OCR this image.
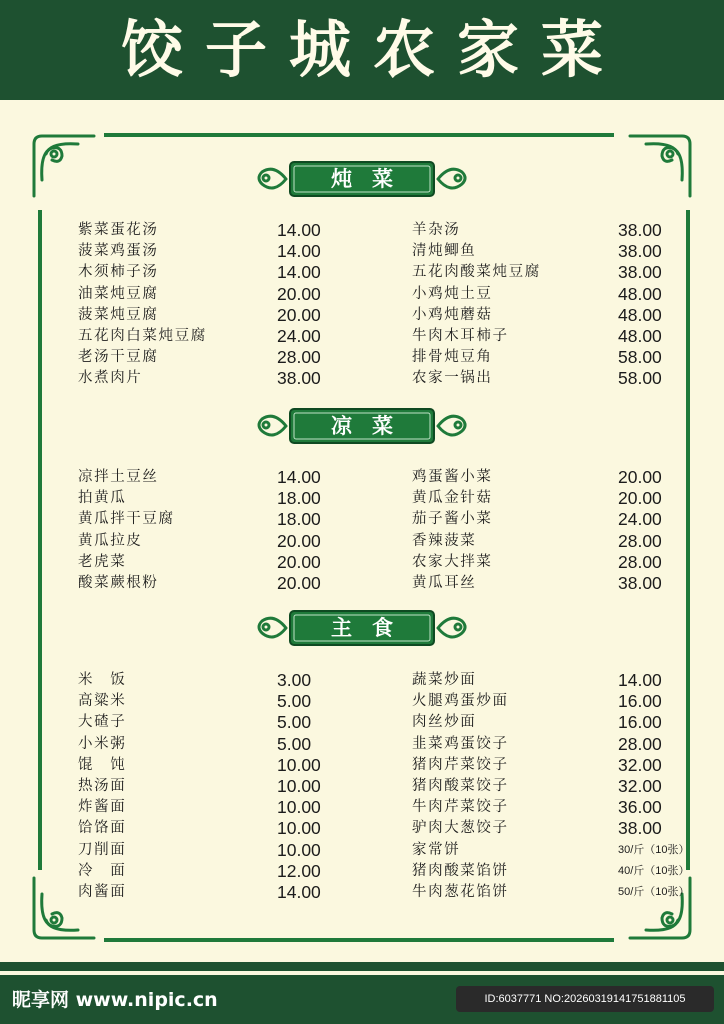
饺子城农家菜
炖菜
紫菜蛋花汤	14.00
菠菜鸡蛋汤	14.00
木须柿子汤	14.00
油菜炖豆腐	20.00
菠菜炖豆腐	20.00
五花肉白菜炖豆腐	24.00
老汤干豆腐	28.00
水煮肉片	38.00
羊杂汤	38.00
清炖鲫鱼	38.00
五花肉酸菜炖豆腐	38.00
小鸡炖土豆	48.00
小鸡炖蘑菇	48.00
牛肉木耳柿子	48.00
排骨炖豆角	58.00
农家一锅出	58.00
凉菜
凉拌土豆丝	14.00
拍黄瓜	18.00
黄瓜拌干豆腐	18.00
黄瓜拉皮	20.00
老虎菜	20.00
酸菜蕨根粉	20.00
鸡蛋酱小菜	20.00
黄瓜金针菇	20.00
茄子酱小菜	24.00
香辣菠菜	28.00
农家大拌菜	28.00
黄瓜耳丝	38.00
主食
米　饭	3.00
高粱米	5.00
大碴子	5.00
小米粥	5.00
馄　饨	10.00
热汤面	10.00
炸酱面	10.00
饸饹面	10.00
刀削面	10.00
冷　面	12.00
肉酱面	14.00
蔬菜炒面	14.00
火腿鸡蛋炒面	16.00
肉丝炒面	16.00
韭菜鸡蛋饺子	28.00
猪肉芹菜饺子	32.00
猪肉酸菜饺子	32.00
牛肉芹菜饺子	36.00
驴肉大葱饺子	38.00
家常饼	30/斤（10张）
猪肉酸菜馅饼	40/斤（10张）
牛肉葱花馅饼	50/斤（10张）
昵享网 www.nipic.cn	ID:6037771 NO:20260319141751881105
